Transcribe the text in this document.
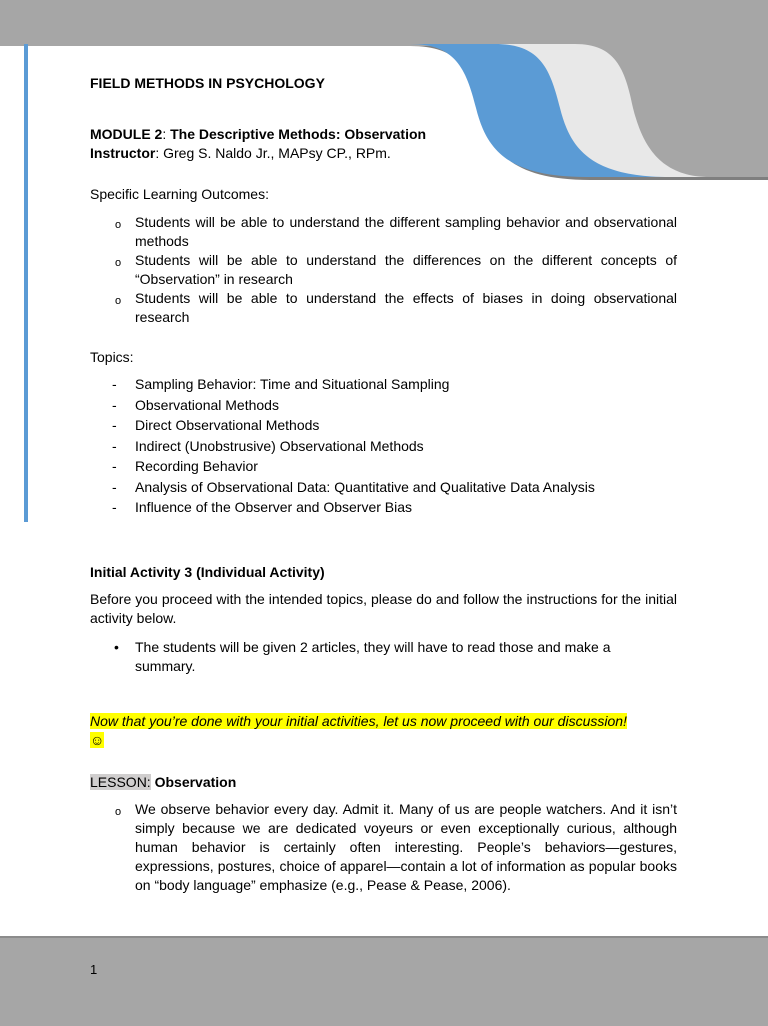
FIELD METHODS IN PSYCHOLOGY
MODULE 2: The Descriptive Methods: Observation
Instructor: Greg S. Naldo Jr., MAPsy CP., RPm.
Specific Learning Outcomes:
o Students will be able to understand the different sampling behavior and observational methods
o Students will be able to understand the differences on the different concepts of “Observation” in research
o Students will be able to understand the effects of biases in doing observational research
Topics:
- Sampling Behavior: Time and Situational Sampling
- Observational Methods
- Direct Observational Methods
- Indirect (Unobstrusive) Observational Methods
- Recording Behavior
- Analysis of Observational Data: Quantitative and Qualitative Data Analysis
- Influence of the Observer and Observer Bias
Initial Activity 3 (Individual Activity)
Before you proceed with the intended topics, please do and follow the instructions for the initial activity below.
• The students will be given 2 articles, they will have to read those and make a summary.
Now that you’re done with your initial activities, let us now proceed with our discussion!
☺
LESSON: Observation
o We observe behavior every day. Admit it. Many of us are people watchers. And it isn’t simply because we are dedicated voyeurs or even exceptionally curious, although human behavior is certainly often interesting. People’s behaviors—gestures, expressions, postures, choice of apparel—contain a lot of information as popular books on “body language” emphasize (e.g., Pease & Pease, 2006).
1
